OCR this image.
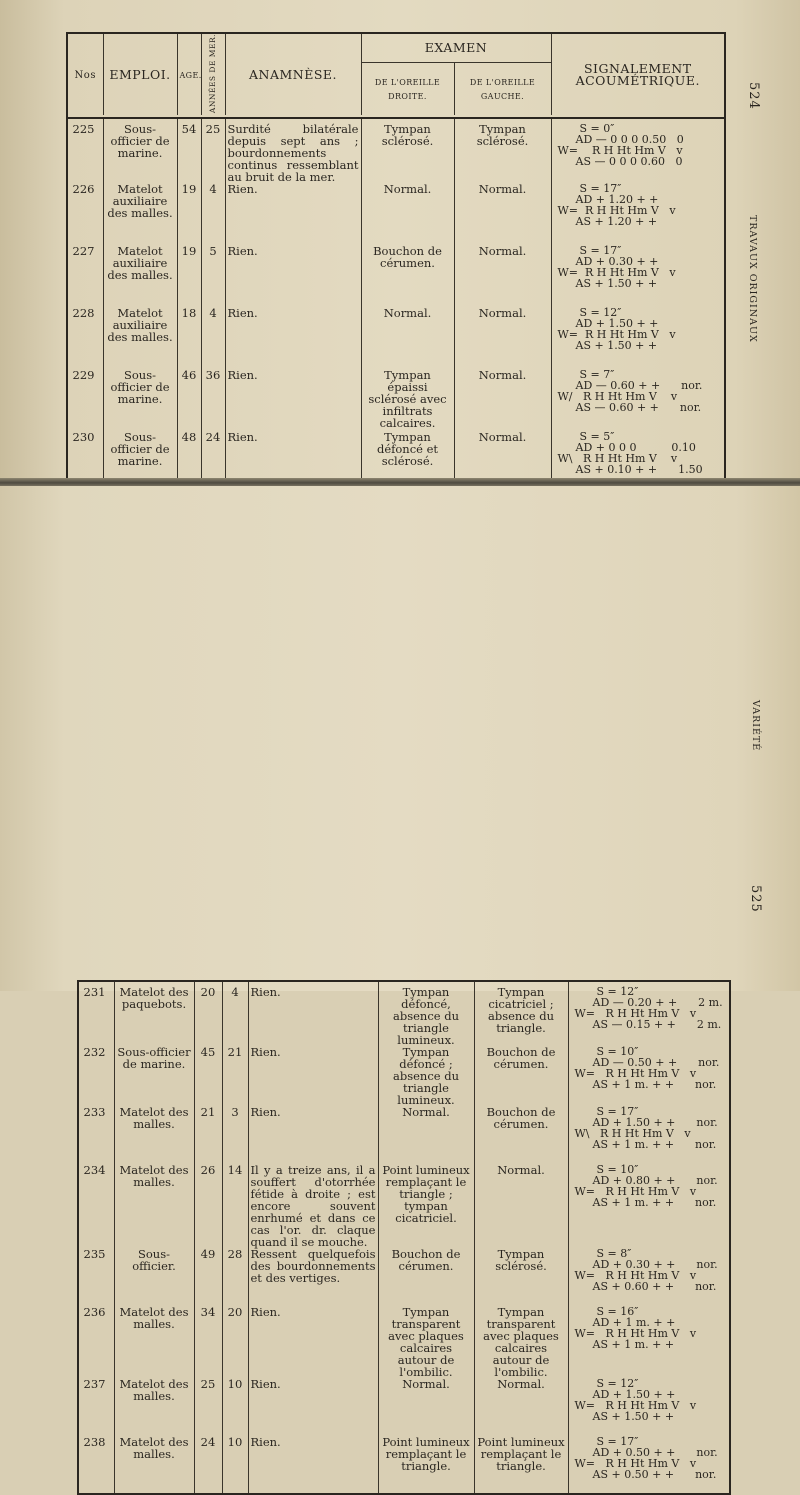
Nos	EMPLOI.	AGE.	ANNÉES DE MER.	ANAMNÈSE.	EXAMEN		SIGNALEMENT ACOUMÉTRIQUE.
					DE L'OREILLE DROITE.	DE L'OREILLE GAUCHE.	

225	Sous-officier de marine.	54	25	Surdité bilatérale depuis sept ans ; bourdonnements continus ressemblant au bruit de la mer.	Tympan sclérosé.	Tympan sclérosé.	S = 0″
AD — 0 0 0 0.50   0
W=    R H Ht Hm V   v
AS — 0 0 0 0.60   0

226	Matelot auxiliaire des malles.	19	4	Rien.	Normal.	Normal.	S = 17″
AD + 1.20 + +
W=  R H Ht Hm V   v
AS + 1.20 + +

227	Matelot auxiliaire des malles.	19	5	Rien.	Bouchon de cérumen.	Normal.	S = 17″
AD + 0.30 + +
W=  R H Ht Hm V   v
AS + 1.50 + +

228	Matelot auxiliaire des malles.	18	4	Rien.	Normal.	Normal.	S = 12″
AD + 1.50 + +
W=  R H Ht Hm V   v
AS + 1.50 + +

229	Sous-officier de marine.	46	36	Rien.	Tympan épaissi sclérosé avec infiltrats calcaires.	Normal.	S = 7″
AD — 0.60 + +      nor.
W/   R H Ht Hm V    v
AS — 0.60 + +      nor.

230	Sous-officier de marine.	48	24	Rien.	Tympan défoncé et sclérosé.	Normal.	S = 5″
AD + 0 0 0          0.10
W\   R H Ht Hm V    v
AS + 0.10 + +      1.50
524
TRAVAUX ORIGINAUX
231	Matelot des paquebots.	20	4	Rien.	Tympan défoncé, absence du triangle lumineux.	Tympan cicatriciel ; absence du triangle.	S = 12″
AD — 0.20 + +      2 m.
W=   R H Ht Hm V   v
AS — 0.15 + +      2 m.

232	Sous-officier de marine.	45	21	Rien.	Tympan défoncé ; absence du triangle lumineux.	Bouchon de cérumen.	S = 10″
AD — 0.50 + +      nor.
W=   R H Ht Hm V   v
AS + 1 m. + +      nor.

233	Matelot des malles.	21	3	Rien.	Normal.	Bouchon de cérumen.	S = 17″
AD + 1.50 + +      nor.
W\   R H Ht Hm V   v
AS + 1 m. + +      nor.

234	Matelot des malles.	26	14	Il y a treize ans, il a souffert d'otorrhée fétide à droite ; est encore souvent enrhumé et dans ce cas l'or. dr. claque quand il se mouche.	Point lumineux remplaçant le triangle ; tympan cicatriciel.	Normal.	S = 10″
AD + 0.80 + +      nor.
W=   R H Ht Hm V   v
AS + 1 m. + +      nor.

235	Sous-officier.	49	28	Ressent quelquefois des bourdonnements et des vertiges.	Bouchon de cérumen.	Tympan sclérosé.	S = 8″
AD + 0.30 + +      nor.
W=   R H Ht Hm V   v
AS + 0.60 + +      nor.

236	Matelot des malles.	34	20	Rien.	Tympan transparent avec plaques calcaires autour de l'ombilic.	Tympan transparent avec plaques calcaires autour de l'ombilic.	S = 16″
AD + 1 m. + +
W=   R H Ht Hm V   v
AS + 1 m. + +

237	Matelot des malles.	25	10	Rien.	Normal.	Normal.	S = 12″
AD + 1.50 + +
W=   R H Ht Hm V   v
AS + 1.50 + +

238	Matelot des malles.	24	10	Rien.	Point lumineux remplaçant le triangle.	Point lumineux remplaçant le triangle.	S = 17″
AD + 0.50 + +      nor.
W=   R H Ht Hm V   v
AS + 0.50 + +      nor.
VARIÉTÉ
525
